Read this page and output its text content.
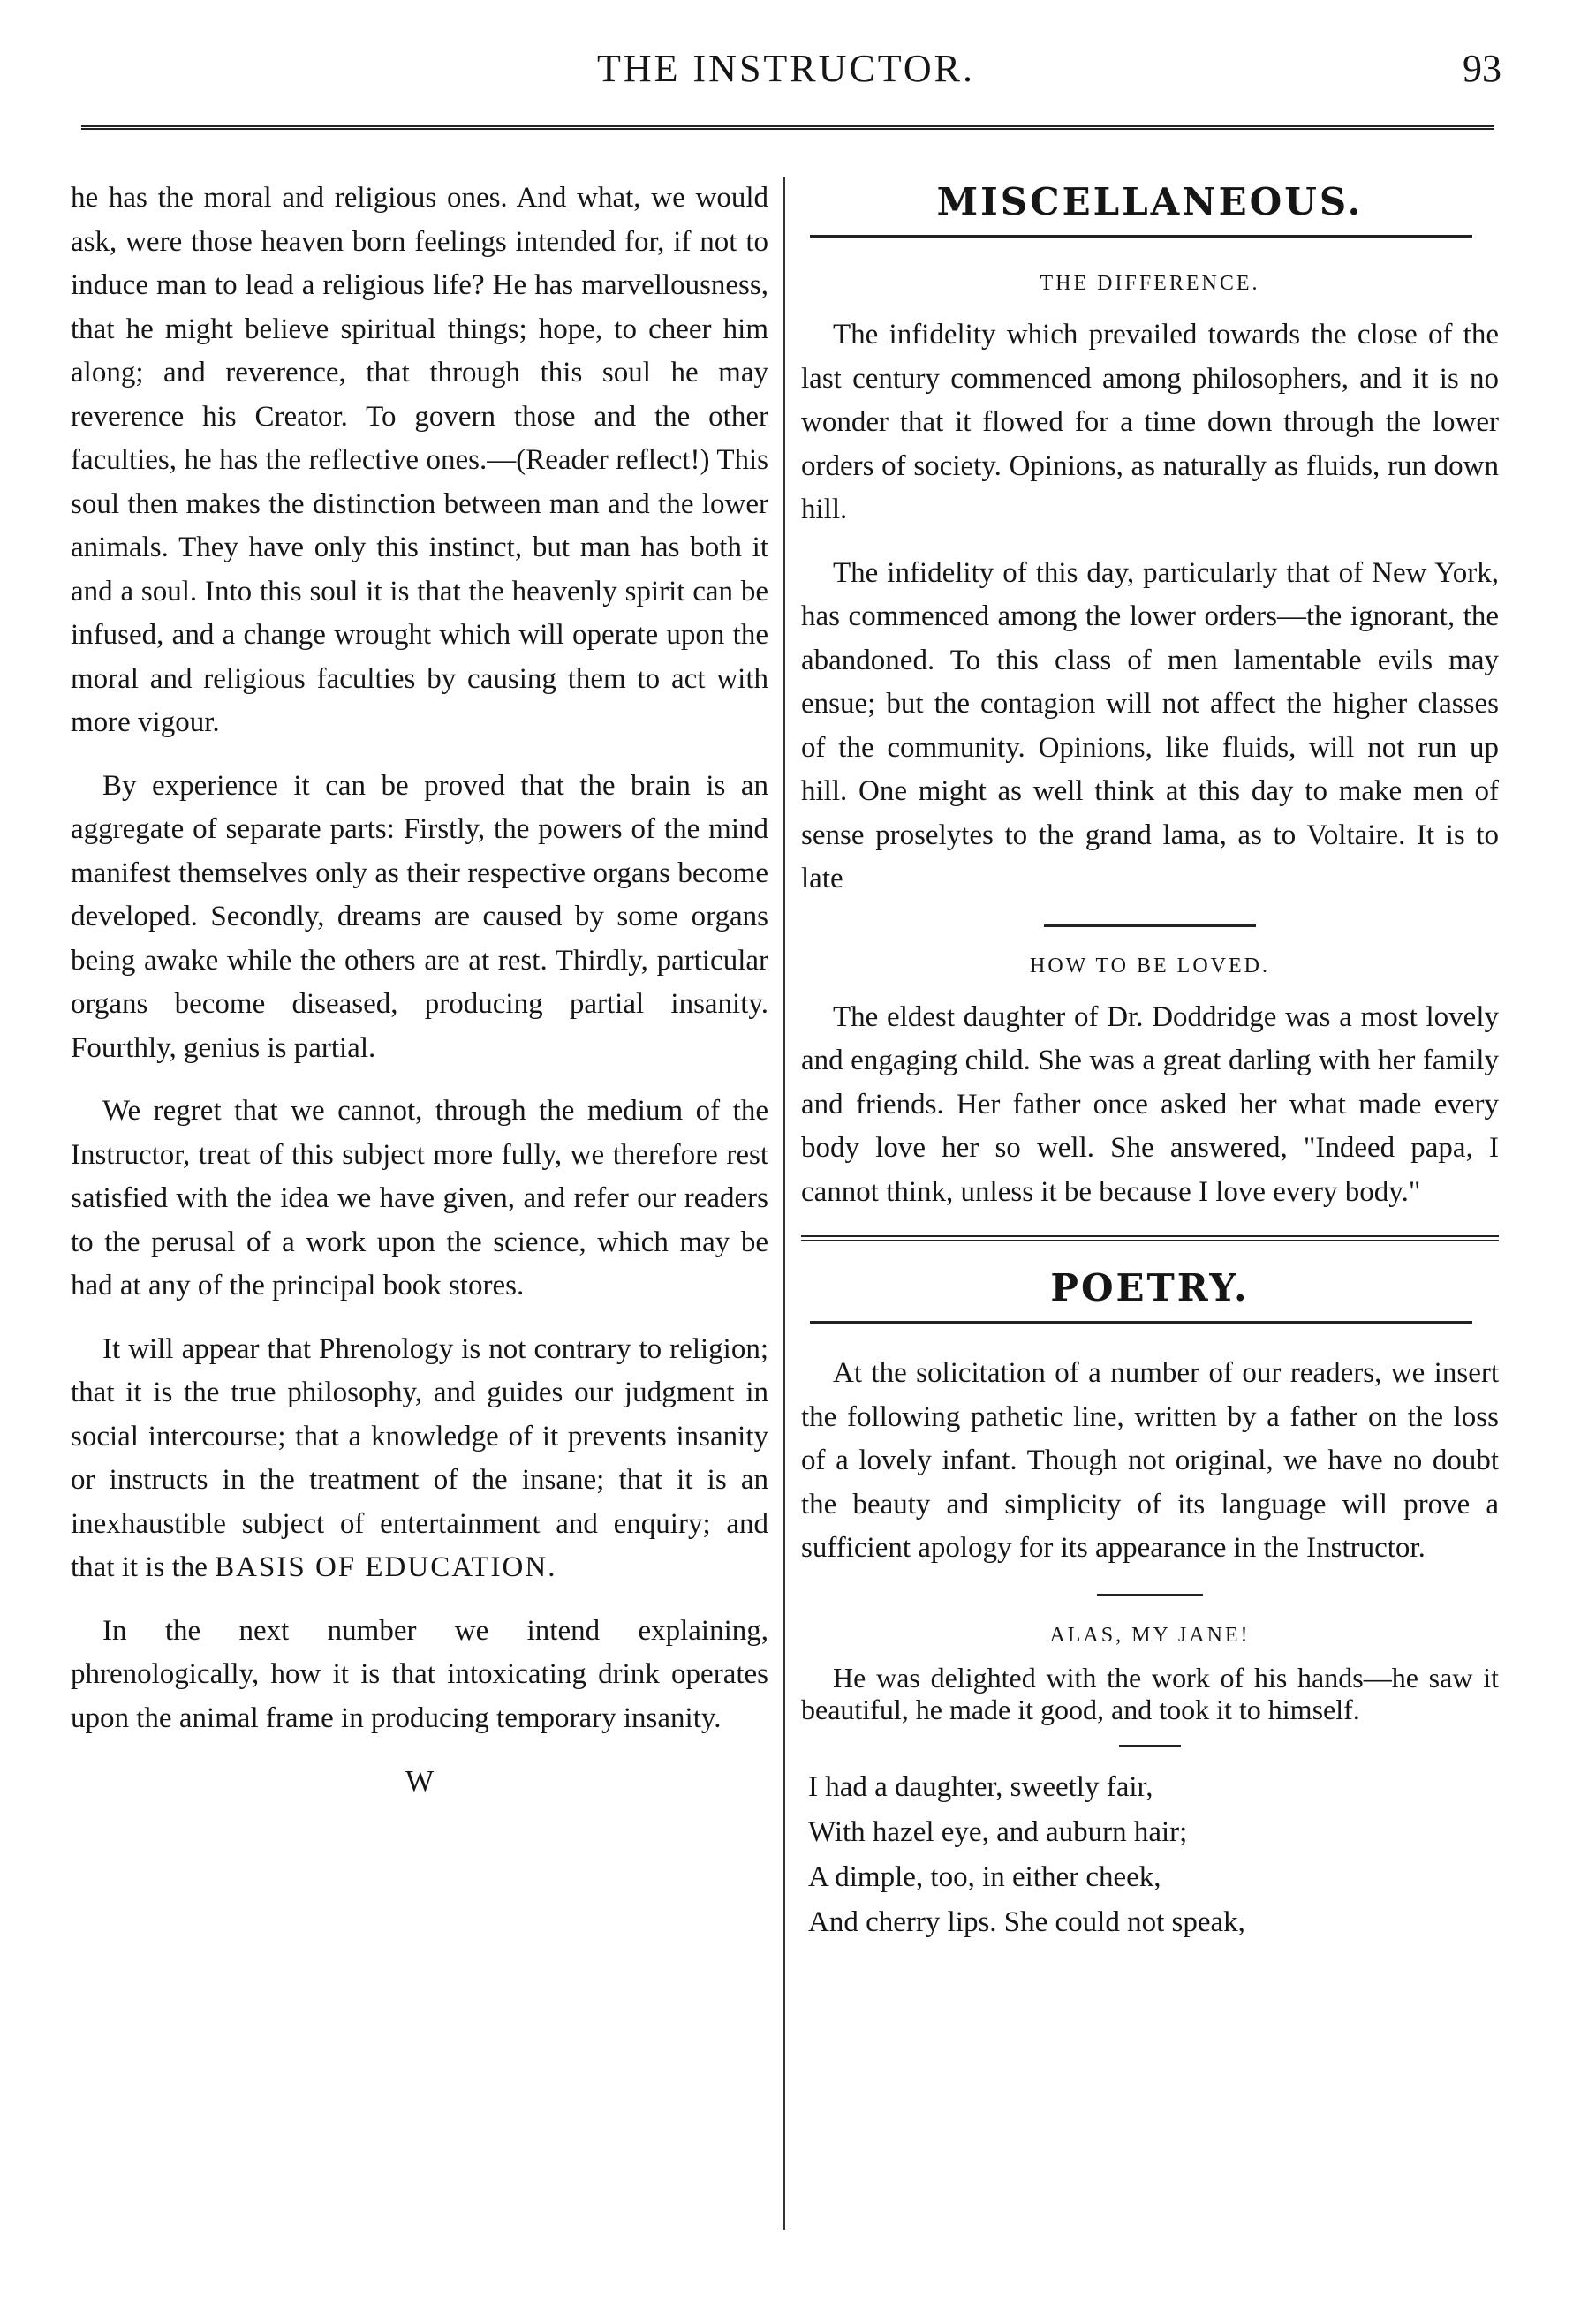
THE INSTRUCTOR.	93

he has the moral and religious ones. And what, we would ask, were those heaven born feelings intended for, if not to induce man to lead a religious life? He has marvellousness, that he might believe spiritual things; hope, to cheer him along; and reverence, that through this soul he may reverence his Creator. To govern those and the other faculties, he has the reflective ones.—(Reader reflect!) This soul then makes the distinction between man and the lower animals. They have only this instinct, but man has both it and a soul. Into this soul it is that the heavenly spirit can be infused, and a change wrought which will operate upon the moral and religious faculties by causing them to act with more vigour.

By experience it can be proved that the brain is an aggregate of separate parts: Firstly, the powers of the mind manifest themselves only as their respective organs become developed. Secondly, dreams are caused by some organs being awake while the others are at rest. Thirdly, particular organs become diseased, producing partial insanity. Fourthly, genius is partial.

We regret that we cannot, through the medium of the Instructor, treat of this subject more fully, we therefore rest satisfied with the idea we have given, and refer our readers to the perusal of a work upon the science, which may be had at any of the principal book stores.

It will appear that Phrenology is not contrary to religion; that it is the true philosophy, and guides our judgment in social intercourse; that a knowledge of it prevents insanity or instructs in the treatment of the insane; that it is an inexhaustible subject of entertainment and enquiry; and that it is the BASIS OF EDUCATION.

In the next number we intend explaining, phrenologically, how it is that intoxicating drink operates upon the animal frame in producing temporary insanity.

W
MISCELLANEOUS.
THE DIFFERENCE.

The infidelity which prevailed towards the close of the last century commenced among philosophers, and it is no wonder that it flowed for a time down through the lower orders of society. Opinions, as naturally as fluids, run down hill.

The infidelity of this day, particularly that of New York, has commenced among the lower orders—the ignorant, the abandoned. To this class of men lamentable evils may ensue; but the contagion will not affect the higher classes of the community. Opinions, like fluids, will not run up hill. One might as well think at this day to make men of sense proselytes to the grand lama, as to Voltaire. It is to late

HOW TO BE LOVED.

The eldest daughter of Dr. Doddridge was a most lovely and engaging child. She was a great darling with her family and friends. Her father once asked her what made every body love her so well. She answered, "Indeed papa, I cannot think, unless it be because I love every body."

POETRY.

At the solicitation of a number of our readers, we insert the following pathetic line, written by a father on the loss of a lovely infant. Though not original, we have no doubt the beauty and simplicity of its language will prove a sufficient apology for its appearance in the Instructor.

ALAS, MY JANE!

He was delighted with the work of his hands—he saw it beautiful, he made it good, and took it to himself.

I had a daughter, sweetly fair,
With hazel eye, and auburn hair;
A dimple, too, in either cheek,
And cherry lips. She could not speak,
